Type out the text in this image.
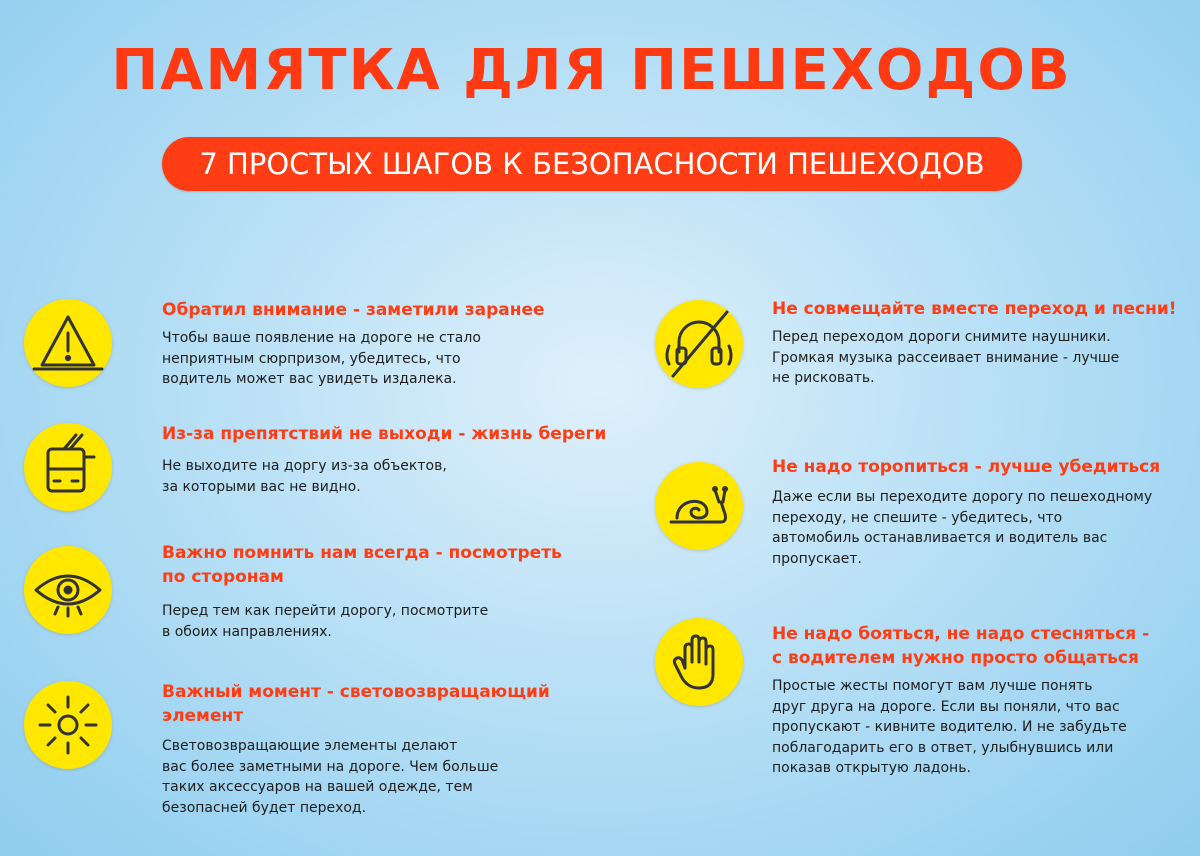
ПАМЯТКА ДЛЯ ПЕШЕХОДОВ
7 ПРОСТЫХ ШАГОВ К БЕЗОПАСНОСТИ ПЕШЕХОДОВ
Обратил внимание - заметили заранее

Чтобы ваше появление на дороге не стало
неприятным сюрпризом, убедитесь, что
водитель может вас увидеть издалека.

Из-за препятствий не выходи - жизнь береги

Не выходите на доргу из-за объектов,
за которыми вас не видно.

Важно помнить нам всегда - посмотреть
по сторонам

Перед тем как перейти дорогу, посмотрите
в обоих направлениях.

Важный момент - световозвращающий
элемент

Световозвращающие элементы делают
вас более заметными на дороге. Чем больше
таких аксессуаров на вашей одежде, тем
безопасней будет переход.

Не совмещайте вместе переход и песни!

Перед переходом дороги снимите наушники.
Громкая музыка рассеивает внимание - лучше
не рисковать.

Не надо торопиться - лучше убедиться

Даже если вы переходите дорогу по пешеходному
переходу, не спешите - убедитесь, что
автомобиль останавливается и водитель вас
пропускает.

Не надо бояться, не надо стесняться -
с водителем нужно просто общаться

Простые жесты помогут вам лучше понять
друг друга на дороге. Если вы поняли, что вас
пропускают - кивните водителю. И не забудьте
поблагодарить его в ответ, улыбнувшись или
показав открытую ладонь.
